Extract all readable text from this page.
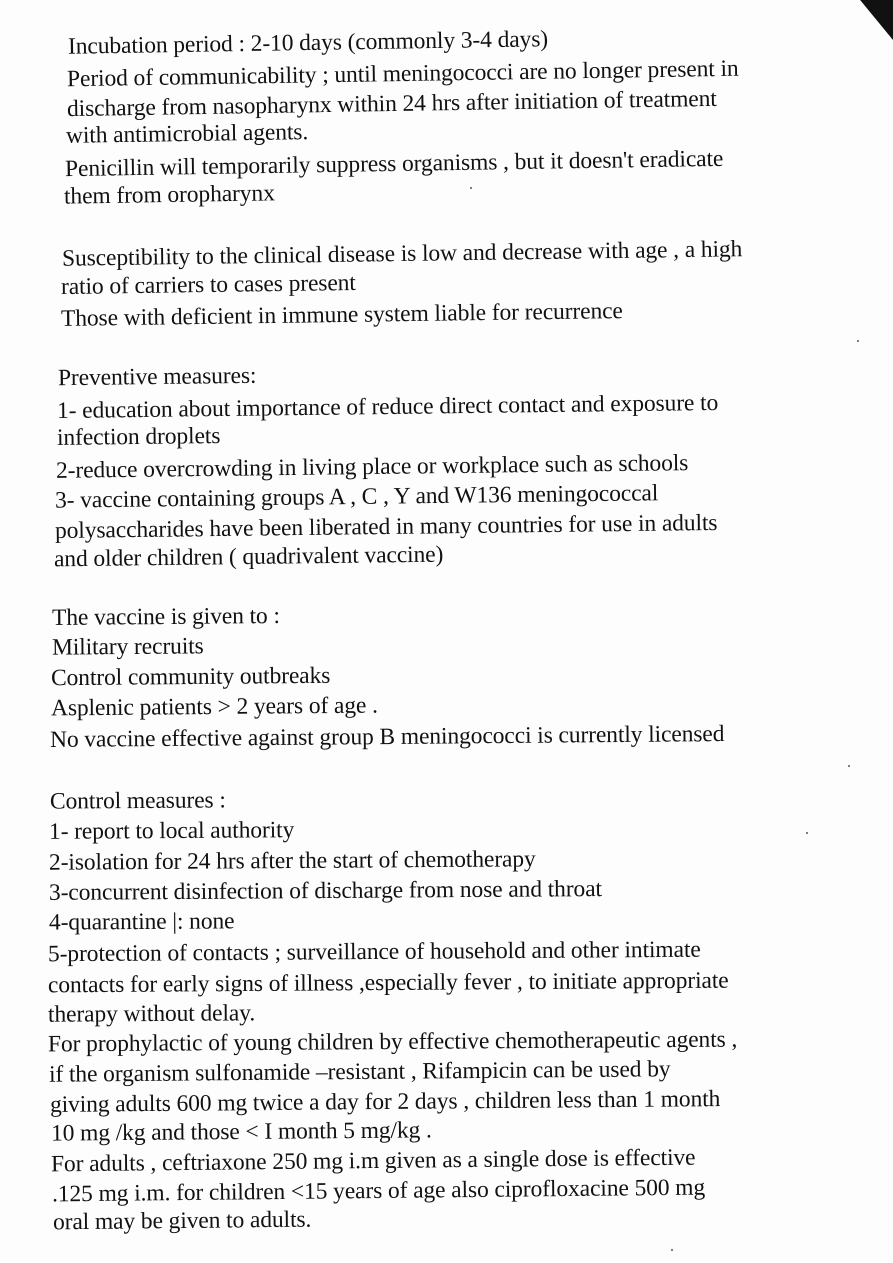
Incubation period : 2-10 days (commonly 3-4 days)
Period of communicability ; until meningococci are no longer present in
discharge from nasopharynx within 24 hrs after initiation of treatment
with antimicrobial agents.
Penicillin will temporarily suppress organisms , but it doesn't eradicate
them from oropharynx
Susceptibility to the clinical disease is low and decrease with age , a high
ratio of carriers to cases present
Those with deficient in immune system liable for recurrence
Preventive measures:
1- education about importance of reduce direct contact and exposure to
infection droplets
2-reduce overcrowding in living place or workplace such as schools
3- vaccine containing groups A , C , Y and W136 meningococcal
polysaccharides have been liberated in many countries for use in adults
and older children ( quadrivalent vaccine)
The vaccine is given to :
Military recruits
Control community outbreaks
Asplenic patients > 2 years of age .
No vaccine effective against group B meningococci is currently licensed
Control measures :
1- report to local authority
2-isolation for 24 hrs after the start of chemotherapy
3-concurrent disinfection of discharge from nose and throat
4-quarantine |: none
5-protection of contacts ; surveillance of household and other intimate
contacts for early signs of illness ,especially fever , to initiate appropriate
therapy without delay.
For prophylactic of young children by effective chemotherapeutic agents ,
if the organism sulfonamide –resistant , Rifampicin can be used by
giving adults 600 mg twice a day for 2 days , children less than 1 month
10 mg /kg and those < I month 5 mg/kg .
For adults , ceftriaxone 250 mg i.m given as a single dose is effective
.125 mg i.m. for children <15 years of age also ciprofloxacine 500 mg
oral may be given to adults.
